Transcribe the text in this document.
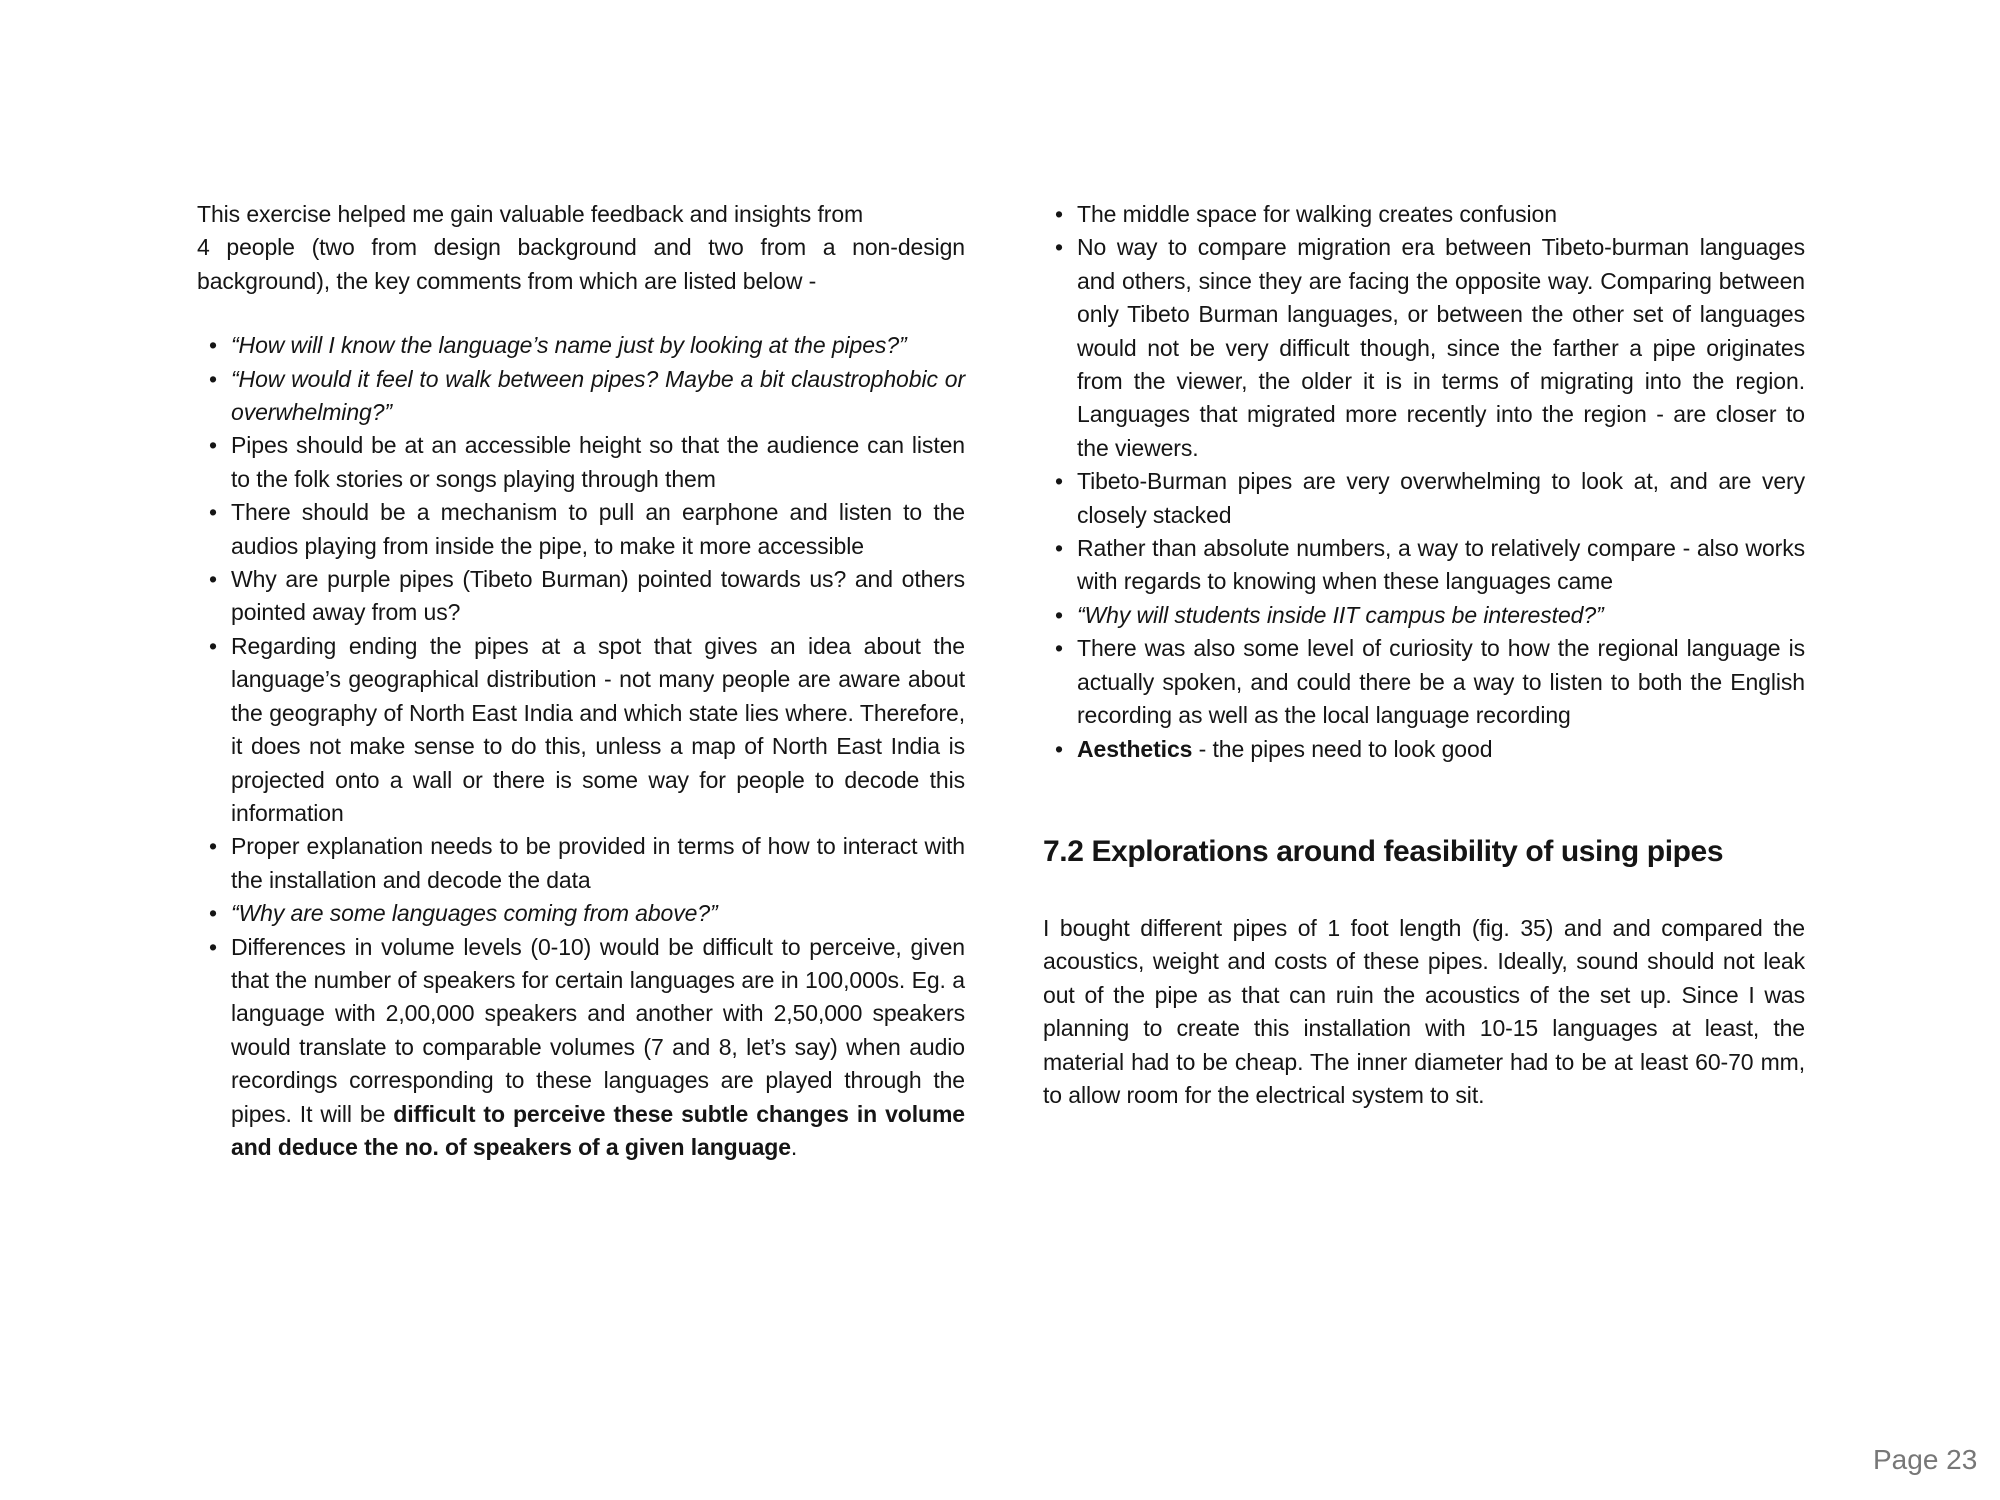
This exercise helped me gain valuable feedback and insights from
4 people (two from design background and two from a non-design background), the key comments from which are listed below -

• “How will I know the language’s name just by looking at the pipes?”
• “How would it feel to walk between pipes? Maybe a bit claustrophobic or overwhelming?”
• Pipes should be at an accessible height so that the audience can listen to the folk stories or songs playing through them
• There should be a mechanism to pull an earphone and listen to the audios playing from inside the pipe, to make it more accessible
• Why are purple pipes (Tibeto Burman) pointed towards us? and others pointed away from us?
• Regarding ending the pipes at a spot that gives an idea about the language’s geographical distribution - not many people are aware about the geography of North East India and which state lies where. Therefore, it does not make sense to do this, unless a map of North East India is projected onto a wall or there is some way for people to decode this information
• Proper explanation needs to be provided in terms of how to interact with the installation and decode the data
• “Why are some languages coming from above?”
• Differences in volume levels (0-10) would be difficult to perceive, given that the number of speakers for certain languages are in 100,000s. Eg. a language with 2,00,000 speakers and another with 2,50,000 speakers would translate to comparable volumes (7 and 8, let’s say) when audio recordings corresponding to these languages are played through the pipes. It will be difficult to perceive these subtle changes in volume and deduce the no. of speakers of a given language.
• The middle space for walking creates confusion
• No way to compare migration era between Tibeto-burman languages and others, since they are facing the opposite way. Comparing between only Tibeto Burman languages, or between the other set of languages would not be very difficult though, since the farther a pipe originates from the viewer, the older it is in terms of migrating into the region. Languages that migrated more recently into the region - are closer to the viewers.
• Tibeto-Burman pipes are very overwhelming to look at, and are very closely stacked
• Rather than absolute numbers, a way to relatively compare - also works with regards to knowing when these languages came
• “Why will students inside IIT campus be interested?”
• There was also some level of curiosity to how the regional language is actually spoken, and could there be a way to listen to both the English recording as well as the local language recording
• Aesthetics - the pipes need to look good
7.2 Explorations around feasibility of using pipes

I bought different pipes of 1 foot length (fig. 35) and and compared the acoustics, weight and costs of these pipes. Ideally, sound should not leak out of the pipe as that can ruin the acoustics of the set up. Since I was planning to create this installation with 10-15 languages at least, the material had to be cheap. The inner diameter had to be at least 60-70 mm, to allow room for the electrical system to sit.

Page 23
